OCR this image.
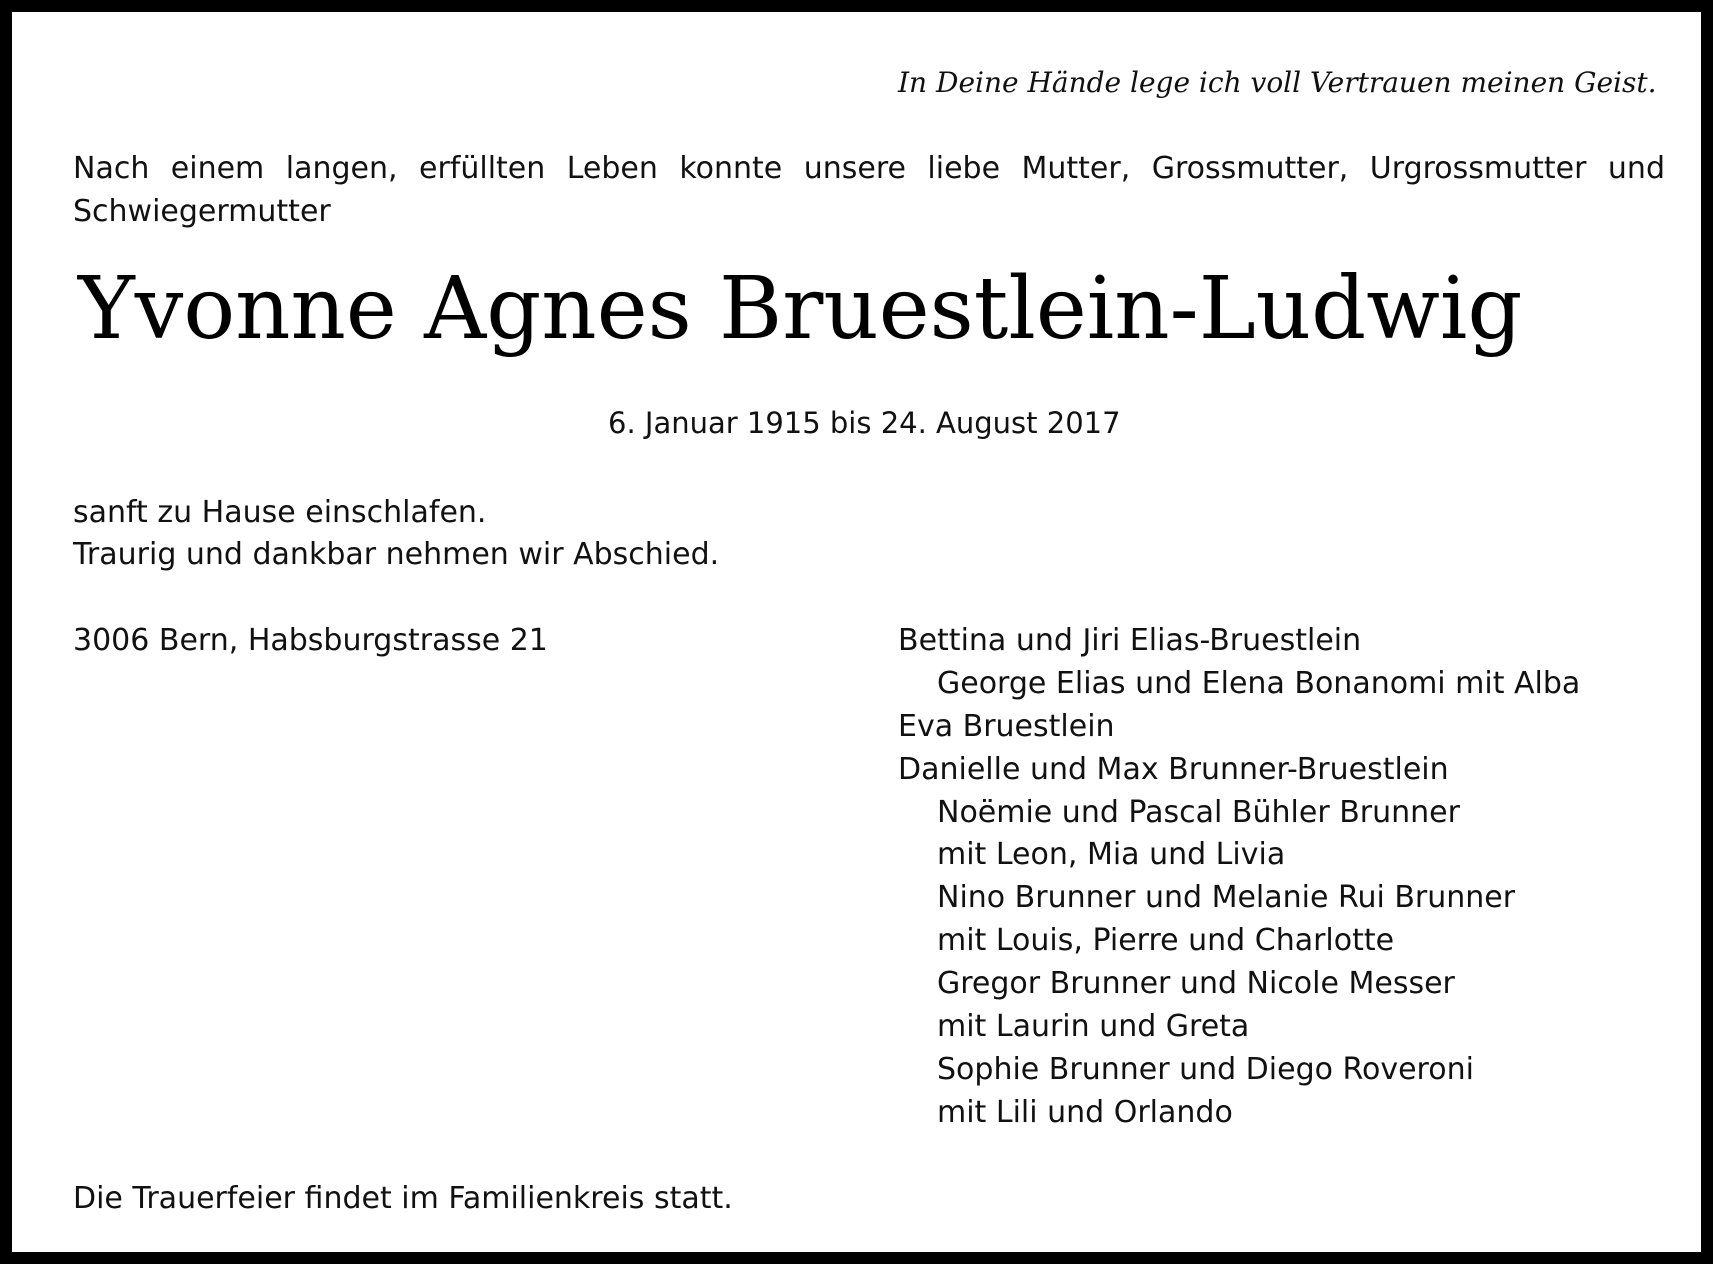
In Deine Hände lege ich voll Vertrauen meinen Geist.
Nach einem langen, erfüllten Leben konnte unsere liebe Mutter, Grossmutter, Urgrossmutter und Schwiegermutter
Yvonne Agnes Bruestlein-Ludwig
6. Januar 1915 bis 24. August 2017
sanft zu Hause einschlafen.
Traurig und dankbar nehmen wir Abschied.
3006 Bern, Habsburgstrasse 21	Bettina und Jiri Elias-Bruestlein
George Elias und Elena Bonanomi mit Alba
Eva Bruestlein
Danielle und Max Brunner-Bruestlein
Noëmie und Pascal Bühler Brunner
mit Leon, Mia und Livia
Nino Brunner und Melanie Rui Brunner
mit Louis, Pierre und Charlotte
Gregor Brunner und Nicole Messer
mit Laurin und Greta
Sophie Brunner und Diego Roveroni
mit Lili und Orlando
Die Trauerfeier findet im Familienkreis statt.
